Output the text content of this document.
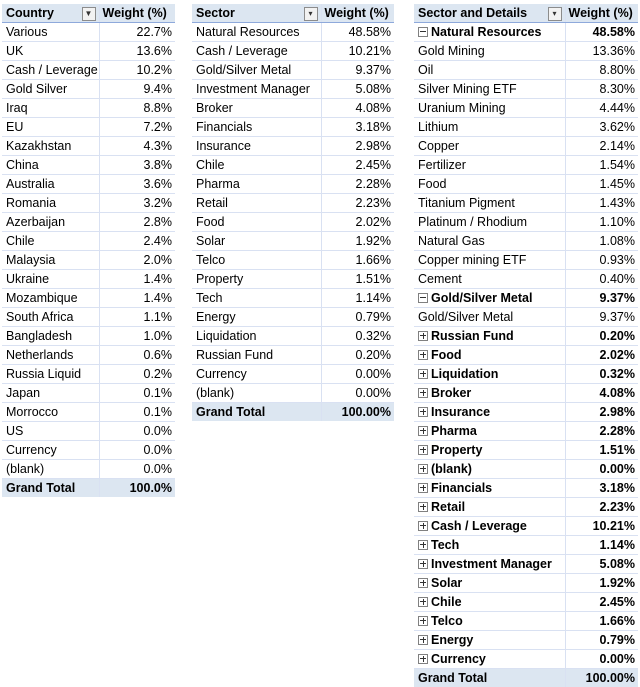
Country ▼	Weight (%)
Various	22.7%
UK	13.6%
Cash / Leverage	10.2%
Gold Silver	9.4%
Iraq	8.8%
EU	7.2%
Kazakhstan	4.3%
China	3.8%
Australia	3.6%
Romania	3.2%
Azerbaijan	2.8%
Chile	2.4%
Malaysia	2.0%
Ukraine	1.4%
Mozambique	1.4%
South Africa	1.1%
Bangladesh	1.0%
Netherlands	0.6%
Russia Liquid	0.2%
Japan	0.1%
Morrocco	0.1%
US	0.0%
Currency	0.0%
(blank)	0.0%
Grand Total	100.0%
Sector ▾	Weight (%)
Natural Resources	48.58%
Cash / Leverage	10.21%
Gold/Silver Metal	9.37%
Investment Manager	5.08%
Broker	4.08%
Financials	3.18%
Insurance	2.98%
Chile	2.45%
Pharma	2.28%
Retail	2.23%
Food	2.02%
Solar	1.92%
Telco	1.66%
Property	1.51%
Tech	1.14%
Energy	0.79%
Liquidation	0.32%
Russian Fund	0.20%
Currency	0.00%
(blank)	0.00%
Grand Total	100.00%
Sector and Details ▾	Weight (%)
Natural Resources	48.58%
Gold Mining	13.36%
Oil	8.80%
Silver Mining ETF	8.30%
Uranium Mining	4.44%
Lithium	3.62%
Copper	2.14%
Fertilizer	1.54%
Food	1.45%
Titanium Pigment	1.43%
Platinum / Rhodium	1.10%
Natural Gas	1.08%
Copper mining ETF	0.93%
Cement	0.40%
Gold/Silver Metal	9.37%
Gold/Silver Metal	9.37%
Russian Fund	0.20%
Food	2.02%
Liquidation	0.32%
Broker	4.08%
Insurance	2.98%
Pharma	2.28%
Property	1.51%
(blank)	0.00%
Financials	3.18%
Retail	2.23%
Cash / Leverage	10.21%
Tech	1.14%
Investment Manager	5.08%
Solar	1.92%
Chile	2.45%
Telco	1.66%
Energy	0.79%
Currency	0.00%
Grand Total	100.00%
